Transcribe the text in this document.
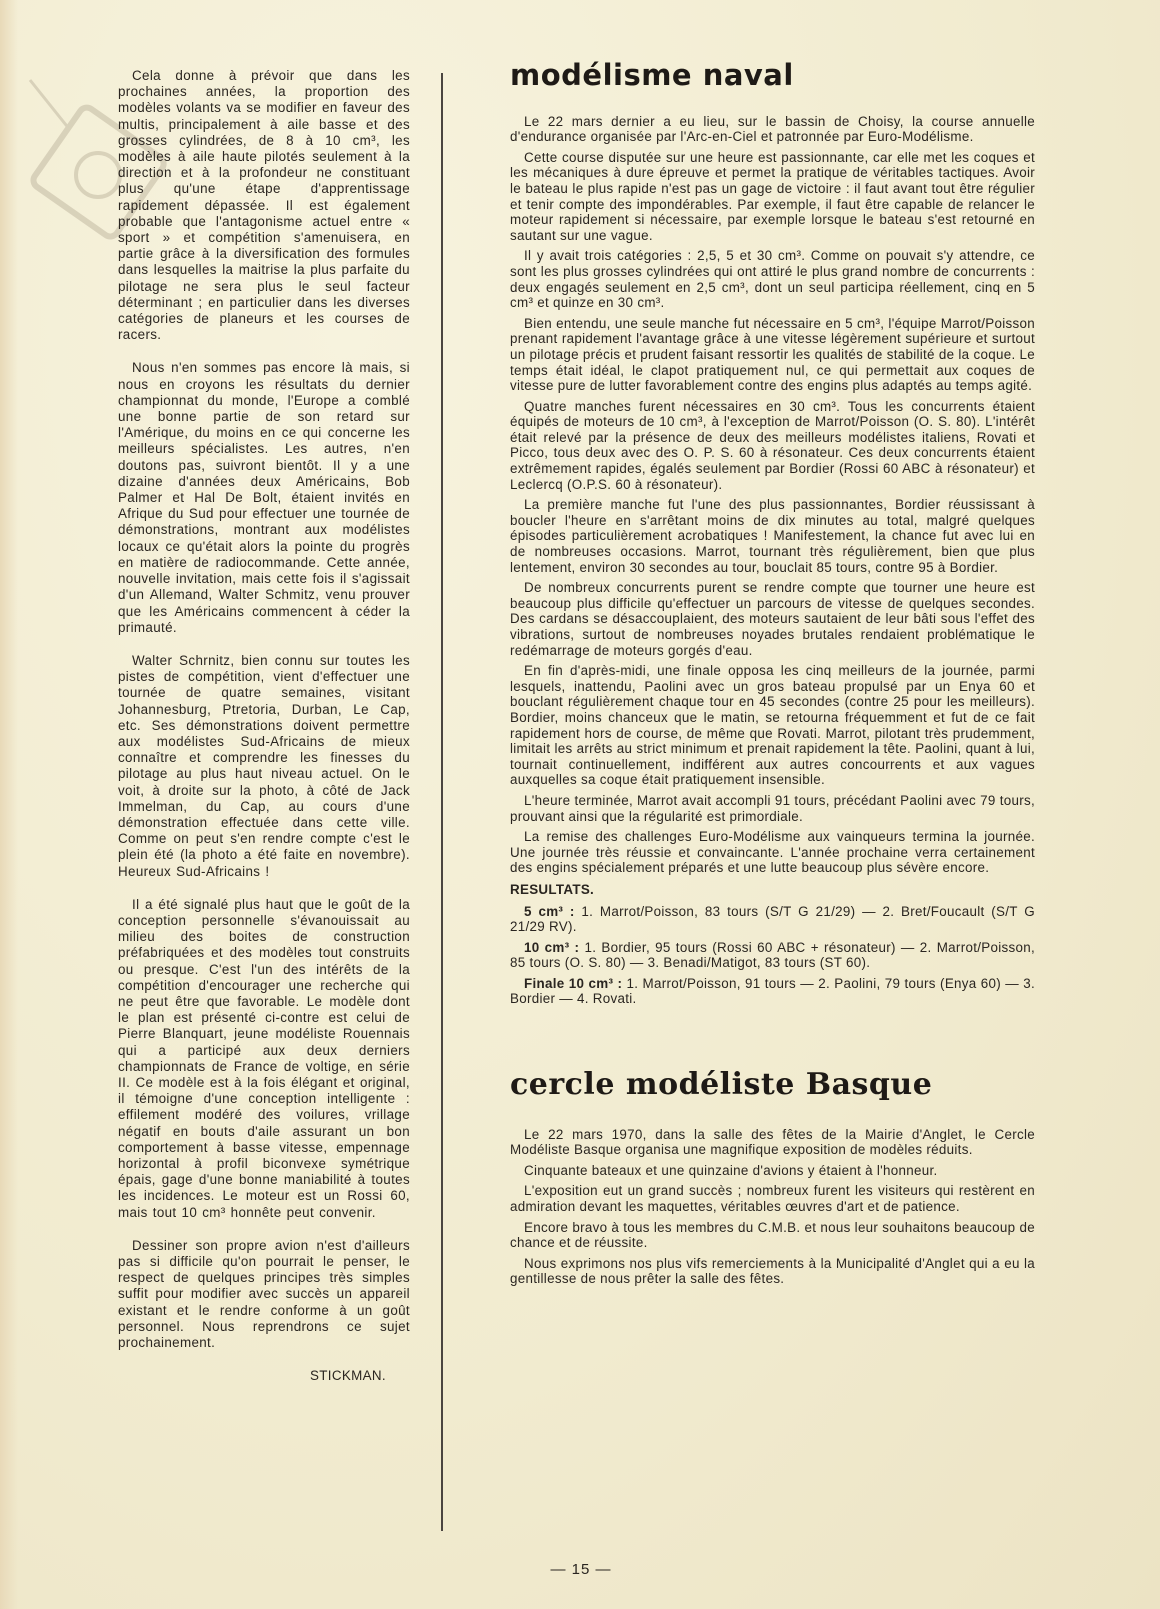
Cela donne à prévoir que dans les prochaines années, la proportion des modèles volants va se modifier en faveur des multis, principalement à aile basse et des grosses cylindrées, de 8 à 10 cm³, les modèles à aile haute pilotés seulement à la direction et à la profondeur ne constituant plus qu'une étape d'apprentissage rapidement dépassée. Il est également probable que l'antagonisme actuel entre « sport » et compétition s'amenuisera, en partie grâce à la diversification des formules dans lesquelles la maitrise la plus parfaite du pilotage ne sera plus le seul facteur déterminant ; en particulier dans les diverses catégories de planeurs et les courses de racers.

Nous n'en sommes pas encore là mais, si nous en croyons les résultats du dernier championnat du monde, l'Europe a comblé une bonne partie de son retard sur l'Amérique, du moins en ce qui concerne les meilleurs spécialistes. Les autres, n'en doutons pas, suivront bientôt. Il y a une dizaine d'années deux Américains, Bob Palmer et Hal De Bolt, étaient invités en Afrique du Sud pour effectuer une tournée de démonstrations, montrant aux modélistes locaux ce qu'était alors la pointe du progrès en matière de radiocommande. Cette année, nouvelle invitation, mais cette fois il s'agissait d'un Allemand, Walter Schmitz, venu prouver que les Américains commencent à céder la primauté.

Walter Schrnitz, bien connu sur toutes les pistes de compétition, vient d'effectuer une tournée de quatre semaines, visitant Johannesburg, Ptretoria, Durban, Le Cap, etc. Ses démonstrations doivent permettre aux modélistes Sud-Africains de mieux connaître et comprendre les finesses du pilotage au plus haut niveau actuel. On le voit, à droite sur la photo, à côté de Jack Immelman, du Cap, au cours d'une démonstration effectuée dans cette ville. Comme on peut s'en rendre compte c'est le plein été (la photo a été faite en novembre). Heureux Sud-Africains !

Il a été signalé plus haut que le goût de la conception personnelle s'évanouissait au milieu des boites de construction préfabriquées et des modèles tout construits ou presque. C'est l'un des intérêts de la compétition d'encourager une recherche qui ne peut être que favorable. Le modèle dont le plan est présenté ci-contre est celui de Pierre Blanquart, jeune modéliste Rouennais qui a participé aux deux derniers championnats de France de voltige, en série II. Ce modèle est à la fois élégant et original, il témoigne d'une conception intelligente : effilement modéré des voilures, vrillage négatif en bouts d'aile assurant un bon comportement à basse vitesse, empennage horizontal à profil biconvexe symétrique épais, gage d'une bonne maniabilité à toutes les incidences. Le moteur est un Rossi 60, mais tout 10 cm³ honnête peut convenir.

Dessiner son propre avion n'est d'ailleurs pas si difficile qu'on pourrait le penser, le respect de quelques principes très simples suffit pour modifier avec succès un appareil existant et le rendre conforme à un goût personnel. Nous reprendrons ce sujet prochainement.

STICKMAN.

modélisme naval

Le 22 mars dernier a eu lieu, sur le bassin de Choisy, la course annuelle d'endurance organisée par l'Arc-en-Ciel et patronnée par Euro-Modélisme.

Cette course disputée sur une heure est passionnante, car elle met les coques et les mécaniques à dure épreuve et permet la pratique de véritables tactiques. Avoir le bateau le plus rapide n'est pas un gage de victoire : il faut avant tout être régulier et tenir compte des impondérables. Par exemple, il faut être capable de relancer le moteur rapidement si nécessaire, par exemple lorsque le bateau s'est retourné en sautant sur une vague.

Il y avait trois catégories : 2,5, 5 et 30 cm³. Comme on pouvait s'y attendre, ce sont les plus grosses cylindrées qui ont attiré le plus grand nombre de concurrents : deux engagés seulement en 2,5 cm³, dont un seul participa réellement, cinq en 5 cm³ et quinze en 30 cm³.

Bien entendu, une seule manche fut nécessaire en 5 cm³, l'équipe Marrot/Poisson prenant rapidement l'avantage grâce à une vitesse légèrement supérieure et surtout un pilotage précis et prudent faisant ressortir les qualités de stabilité de la coque. Le temps était idéal, le clapot pratiquement nul, ce qui permettait aux coques de vitesse pure de lutter favorablement contre des engins plus adaptés au temps agité.

Quatre manches furent nécessaires en 30 cm³. Tous les concurrents étaient équipés de moteurs de 10 cm³, à l'exception de Marrot/Poisson (O. S. 80). L'intérêt était relevé par la présence de deux des meilleurs modélistes italiens, Rovati et Picco, tous deux avec des O. P. S. 60 à résonateur. Ces deux concurrents étaient extrêmement rapides, égalés seulement par Bordier (Rossi 60 ABC à résonateur) et Leclercq (O.P.S. 60 à résonateur).

La première manche fut l'une des plus passionnantes, Bordier réussissant à boucler l'heure en s'arrêtant moins de dix minutes au total, malgré quelques épisodes particulièrement acrobatiques ! Manifestement, la chance fut avec lui en de nombreuses occasions. Marrot, tournant très régulièrement, bien que plus lentement, environ 30 secondes au tour, bouclait 85 tours, contre 95 à Bordier.

De nombreux concurrents purent se rendre compte que tourner une heure est beaucoup plus difficile qu'effectuer un parcours de vitesse de quelques secondes. Des cardans se désaccouplaient, des moteurs sautaient de leur bâti sous l'effet des vibrations, surtout de nombreuses noyades brutales rendaient problématique le redémarrage de moteurs gorgés d'eau.

En fin d'après-midi, une finale opposa les cinq meilleurs de la journée, parmi lesquels, inattendu, Paolini avec un gros bateau propulsé par un Enya 60 et bouclant régulièrement chaque tour en 45 secondes (contre 25 pour les meilleurs). Bordier, moins chanceux que le matin, se retourna fréquemment et fut de ce fait rapidement hors de course, de même que Rovati. Marrot, pilotant très prudemment, limitait les arrêts au strict minimum et prenait rapidement la tête. Paolini, quant à lui, tournait continuellement, indifférent aux autres concourrents et aux vagues auxquelles sa coque était pratiquement insensible.

L'heure terminée, Marrot avait accompli 91 tours, précédant Paolini avec 79 tours, prouvant ainsi que la régularité est primordiale.

La remise des challenges Euro-Modélisme aux vainqueurs termina la journée. Une journée très réussie et convaincante. L'année prochaine verra certainement des engins spécialement préparés et une lutte beaucoup plus sévère encore.

RESULTATS.

5 cm³ : 1. Marrot/Poisson, 83 tours (S/T G 21/29) — 2. Bret/Foucault (S/T G 21/29 RV).

10 cm³ : 1. Bordier, 95 tours (Rossi 60 ABC + résonateur) — 2. Marrot/Poisson, 85 tours (O. S. 80) — 3. Benadi/Matigot, 83 tours (ST 60).

Finale 10 cm³ : 1. Marrot/Poisson, 91 tours — 2. Paolini, 79 tours (Enya 60) — 3. Bordier — 4. Rovati.

cercle modéliste Basque

Le 22 mars 1970, dans la salle des fêtes de la Mairie d'Anglet, le Cercle Modéliste Basque organisa une magnifique exposition de modèles réduits.

Cinquante bateaux et une quinzaine d'avions y étaient à l'honneur.

L'exposition eut un grand succès ; nombreux furent les visiteurs qui restèrent en admiration devant les maquettes, véritables œuvres d'art et de patience.

Encore bravo à tous les membres du C.M.B. et nous leur souhaitons beaucoup de chance et de réussite.

Nous exprimons nos plus vifs remerciements à la Municipalité d'Anglet qui a eu la gentillesse de nous prêter la salle des fêtes.

— 15 —
